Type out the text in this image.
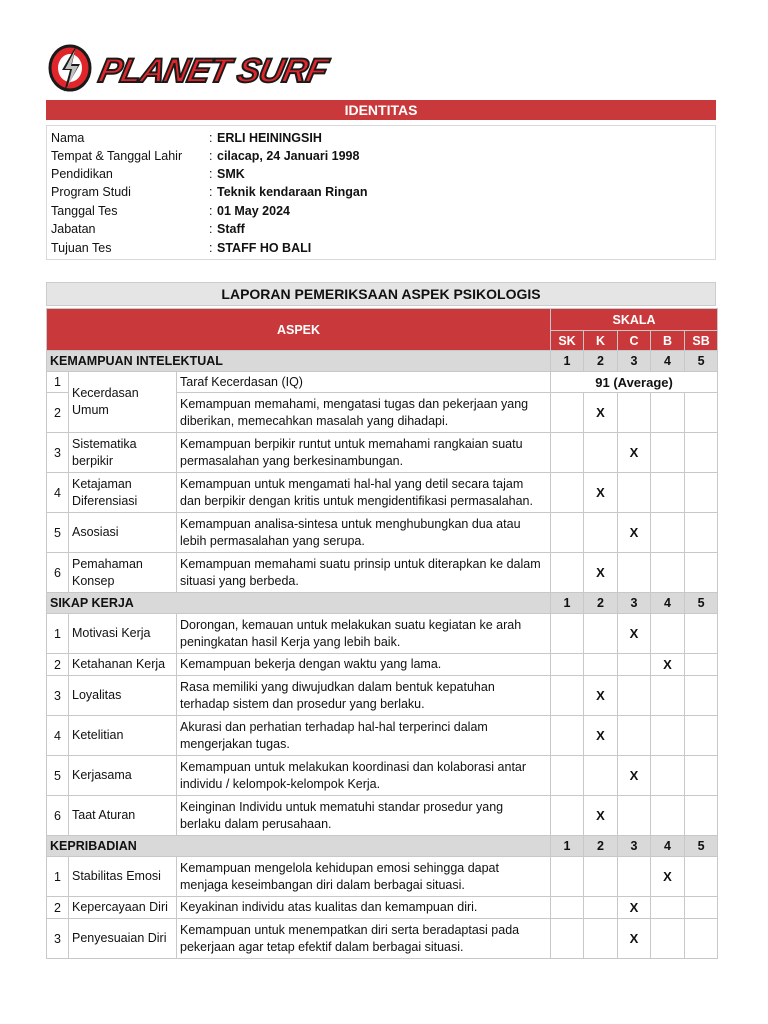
PLANET SURF
IDENTITAS
Nama	: ERLI HEININGSIH
Tempat & Tanggal Lahir : cilacap, 24 Januari 1998
Pendidikan	: SMK
Program Studi	: Teknik kendaraan Ringan
Tanggal Tes	: 01 May 2024
Jabatan	: Staff
Tujuan Tes	: STAFF HO BALI
LAPORAN PEMERIKSAAN ASPEK PSIKOLOGIS
ASPEK			SKALA				
			SK	K	C	B	SB
KEMAMPUAN INTELEKTUAL			1	2	3	4	5
1	Kecerdasan Umum	Taraf Kecerdasan (IQ)	91 (Average)				
2		Kemampuan memahami, mengatasi tugas dan pekerjaan yang diberikan, memecahkan masalah yang dihadapi.		X			
3	Sistematika berpikir	Kemampuan berpikir runtut untuk memahami rangkaian suatu permasalahan yang berkesinambungan.			X		
4	Ketajaman Diferensiasi	Kemampuan untuk mengamati hal-hal yang detil secara tajam dan berpikir dengan kritis untuk mengidentifikasi permasalahan.		X			
5	Asosiasi	Kemampuan analisa-sintesa untuk menghubungkan dua atau lebih permasalahan yang serupa.			X		
6	Pemahaman Konsep	Kemampuan memahami suatu prinsip untuk diterapkan ke dalam situasi yang berbeda.		X			
SIKAP KERJA			1	2	3	4	5
1	Motivasi Kerja	Dorongan, kemauan untuk melakukan suatu kegiatan ke arah peningkatan hasil Kerja yang lebih baik.			X		
2	Ketahanan Kerja	Kemampuan bekerja dengan waktu yang lama.				X	
3	Loyalitas	Rasa memiliki yang diwujudkan dalam bentuk kepatuhan terhadap sistem dan prosedur yang berlaku.		X			
4	Ketelitian	Akurasi dan perhatian terhadap hal-hal terperinci dalam mengerjakan tugas.		X			
5	Kerjasama	Kemampuan untuk melakukan koordinasi dan kolaborasi antar individu / kelompok-kelompok Kerja.			X		
6	Taat Aturan	Keinginan Individu untuk mematuhi standar prosedur yang berlaku dalam perusahaan.		X			
KEPRIBADIAN			1	2	3	4	5
1	Stabilitas Emosi	Kemampuan mengelola kehidupan emosi sehingga dapat menjaga keseimbangan diri dalam berbagai situasi.				X	
2	Kepercayaan Diri	Keyakinan individu atas kualitas dan kemampuan diri.			X		
3	Penyesuaian Diri	Kemampuan untuk menempatkan diri serta beradaptasi pada pekerjaan agar tetap efektif dalam berbagai situasi.			X		
